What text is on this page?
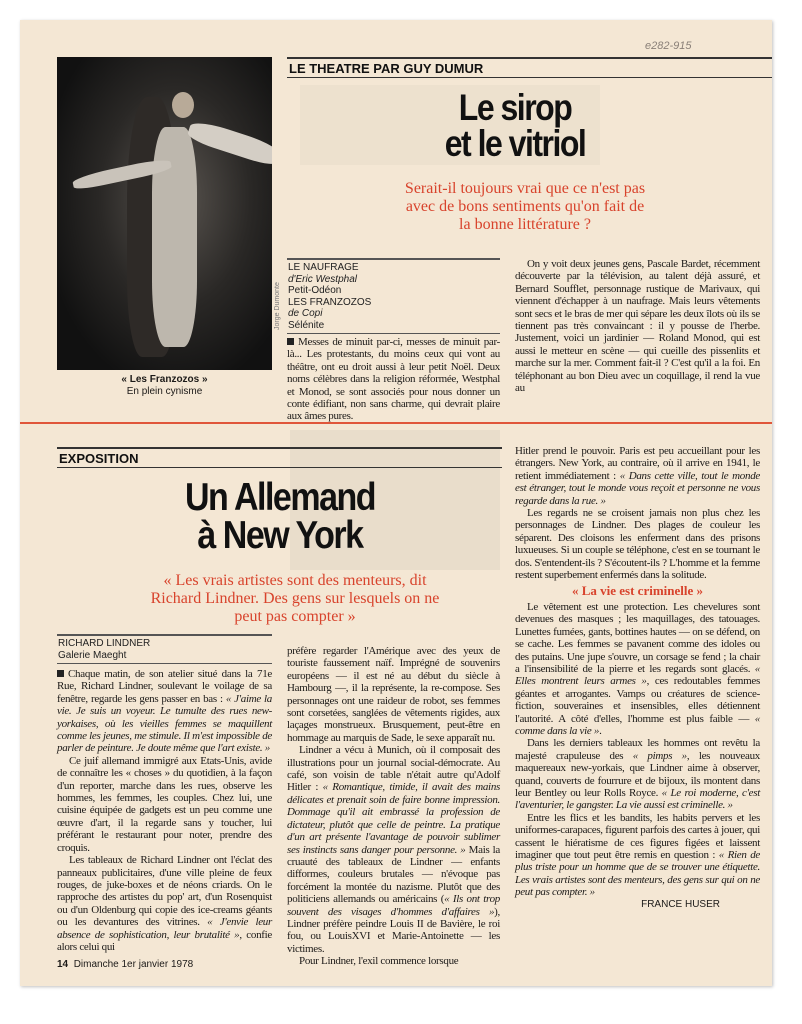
e282-915
Jorge Dumonte
« Les Franzozos »
En plein cynisme
LE THEATRE PAR GUY DUMUR
Le sirop
et le vitriol
Serait-il toujours vrai que ce n'est pas avec de bons sentiments qu'on fait de la bonne littérature ?
LE NAUFRAGE
d'Eric Westphal
Petit-Odéon
LES FRANZOZOS
de Copi
Sélénite

Messes de minuit par-ci, messes de minuit par-là... Les protestants, du moins ceux qui vont au théâtre, ont eu droit aussi à leur petit Noël. Deux noms célèbres dans la religion réformée, Westphal et Monod, se sont associés pour nous donner un conte édifiant, non sans charme, qui devrait plaire aux âmes pures.

On y voit deux jeunes gens, Pascale Bardet, récemment découverte par la télévision, au talent déjà assuré, et Bernard Soufflet, personnage rustique de Marivaux, qui viennent d'échapper à un naufrage. Mais leurs vêtements sont secs et le bras de mer qui sépare les deux îlots où ils se tiennent pas très convaincant : il y pousse de l'herbe. Justement, voici un jardinier — Roland Monod, qui est aussi le metteur en scène — qui cueille des pissenlits et marche sur la mer. Comment fait-il ? C'est qu'il a la foi. En téléphonant au bon Dieu avec un coquillage, il rend la vue au

EXPOSITION
Un Allemand
à New York
« Les vrais artistes sont des menteurs, dit Richard Lindner. Des gens sur lesquels on ne peut pas compter »
RICHARD LINDNER
Galerie Maeght

Chaque matin, de son atelier situé dans la 71e Rue, Richard Lindner, soulevant le voilage de sa fenêtre, regarde les gens passer en bas : « J'aime la vie. Je suis un voyeur. Le tumulte des rues new-yorkaises, où les vieilles femmes se maquillent comme les jeunes, me stimule. Il m'est impossible de parler de peinture. Je doute même que l'art existe. »

Ce juif allemand immigré aux Etats-Unis, avide de connaître les « choses » du quotidien, à la façon d'un reporter, marche dans les rues, observe les hommes, les femmes, les couples. Chez lui, une cuisine équipée de gadgets est un peu comme une œuvre d'art, il la regarde sans y toucher, lui préférant le restaurant pour noter, prendre des croquis.

Les tableaux de Richard Lindner ont l'éclat des panneaux publicitaires, d'une ville pleine de feux rouges, de juke-boxes et de néons criards. On le rapproche des artistes du pop' art, d'un Rosenquist ou d'un Oldenburg qui copie des ice-creams géants ou les devantures des vitrines. « J'envie leur absence de sophistication, leur brutalité », confie alors celui qui

14 Dimanche 1er janvier 1978

préfère regarder l'Amérique avec des yeux de touriste faussement naïf. Imprégné de souvenirs européens — il est né au début du siècle à Hambourg —, il la représente, la re-compose. Ses personnages ont une raideur de robot, ses femmes sont corsetées, sanglées de vêtements rigides, aux laçages monstrueux. Brusquement, peut-être en hommage au marquis de Sade, le sexe apparaît nu.

Lindner a vécu à Munich, où il composait des illustrations pour un journal social-démocrate. Au café, son voisin de table n'était autre qu'Adolf Hitler : « Romantique, timide, il avait des mains délicates et prenait soin de faire bonne impression. Dommage qu'il ait embrassé la profession de dictateur, plutôt que celle de peintre. La pratique d'un art présente l'avantage de pouvoir sublimer ses instincts sans danger pour personne. » Mais la cruauté des tableaux de Lindner — enfants difformes, couleurs brutales — n'évoque pas forcément la montée du nazisme. Plutôt que des politiciens allemands ou américains (« Ils ont trop souvent des visages d'hommes d'affaires »), Lindner préfère peindre Louis II de Bavière, le roi fou, ou LouisXVI et Marie-Antoinette — les victimes.

Pour Lindner, l'exil commence lorsque

Hitler prend le pouvoir. Paris est peu accueillant pour les étrangers. New York, au contraire, où il arrive en 1941, le retient immédiatement : « Dans cette ville, tout le monde est étranger, tout le monde vous reçoit et personne ne vous regarde dans la rue. »

Les regards ne se croisent jamais non plus chez les personnages de Lindner. Des plages de couleur les séparent. Des cloisons les enferment dans des prisons luxueuses. Si un couple se téléphone, c'est en se tournant le dos. S'entendent-ils ? S'écoutent-ils ? L'homme et la femme restent superbement enfermés dans la solitude.

« La vie est criminelle »

Le vêtement est une protection. Les chevelures sont devenues des masques ; les maquillages, des tatouages. Lunettes fumées, gants, bottines hautes — on se défend, on se cache. Les femmes se pavanent comme des idoles ou des putains. Une jupe s'ouvre, un corsage se fend ; la chair a l'insensibilité de la pierre et les regards sont glacés. « Elles montrent leurs armes », ces redoutables femmes géantes et arrogantes. Vamps ou créatures de science-fiction, souveraines et insensibles, elles détiennent l'autorité. A côté d'elles, l'homme est plus faible — « comme dans la vie ».

Dans les derniers tableaux les hommes ont revêtu la majesté crapuleuse des « pimps », les nouveaux maquereaux new-yorkais, que Lindner aime à observer, quand, couverts de fourrure et de bijoux, ils montent dans leur Bentley ou leur Rolls Royce. « Le roi moderne, c'est l'aventurier, le gangster. La vie aussi est criminelle. »

Entre les flics et les bandits, les habits pervers et les uniformes-carapaces, figurent parfois des cartes à jouer, qui cassent le hiératisme de ces figures figées et laissent imaginer que tout peut être remis en question : « Rien de plus triste pour un homme que de se trouver une étiquette. Les vrais artistes sont des menteurs, des gens sur qui on ne peut pas compter. »

FRANCE HUSER
